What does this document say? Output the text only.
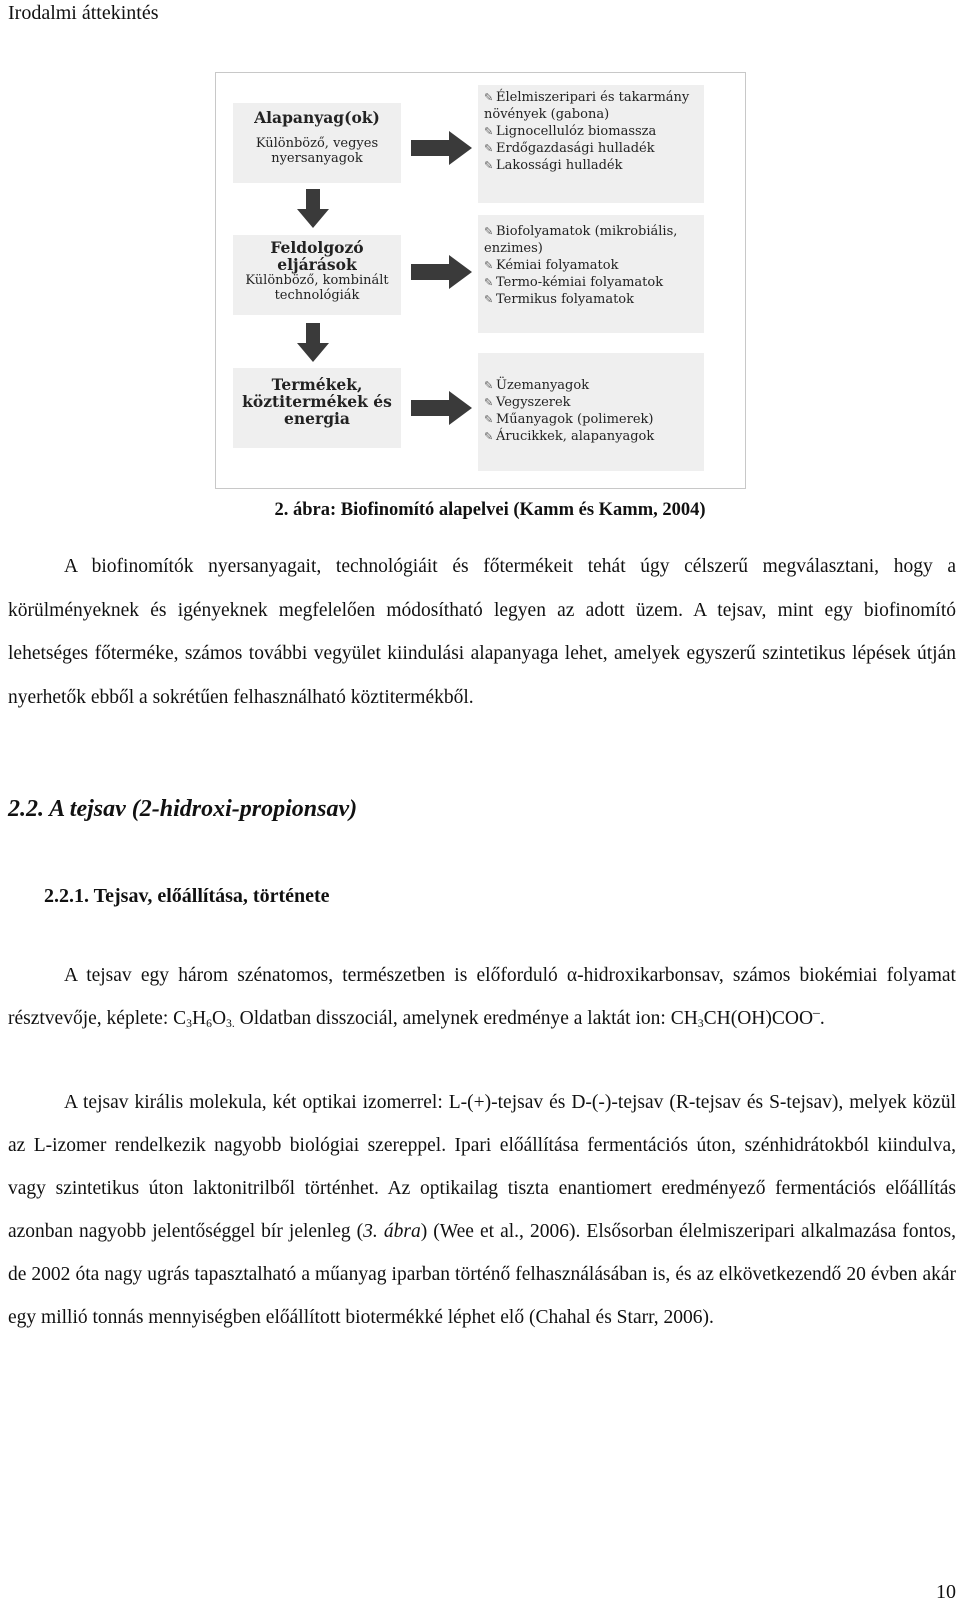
Irodalmi áttekintés
Alapanyag(ok)
Különböző, vegyes nyersanyagok
Feldolgozó eljárások
Különböző, kombinált technológiák
Termékek, köztitermékek és energia
✎ Élelmiszeripari és takarmány
növények (gabona)
✎ Lignocellulóz biomassza
✎ Erdőgazdasági hulladék
✎ Lakossági hulladék
✎ Biofolyamatok (mikrobiális,
enzimes)
✎ Kémiai folyamatok
✎ Termo-kémiai folyamatok
✎ Termikus folyamatok
✎ Üzemanyagok
✎ Vegyszerek
✎ Műanyagok (polimerek)
✎ Árucikkek, alapanyagok
2. ábra: Biofinomító alapelvei (Kamm és Kamm, 2004)

A biofinomítók nyersanyagait, technológiáit és főtermékeit tehát úgy célszerű megválasztani, hogy a körülményeknek és igényeknek megfelelően módosítható legyen az adott üzem. A tejsav, mint egy biofinomító lehetséges főterméke, számos további vegyület kiindulási alapanyaga lehet, amelyek egyszerű szintetikus lépések útján nyerhetők ebből a sokrétűen felhasználható köztitermékből.

2.2. A tejsav (2-hidroxi-propionsav)
2.2.1. Tejsav, előállítása, története

A tejsav egy három szénatomos, természetben is előforduló α-hidroxikarbonsav, számos biokémiai folyamat résztvevője, képlete: $C_3H_6O_{3.}$ Oldatban disszociál, amelynek eredménye a laktát ion: $CH_3CH(OH)COO^-$.

A tejsav királis molekula, két optikai izomerrel: L-(+)-tejsav és D-(-)-tejsav (R-tejsav és S-tejsav), melyek közül az L-izomer rendelkezik nagyobb biológiai szereppel. Ipari előállítása fermentációs úton, szénhidrátokból kiindulva, vagy szintetikus úton laktonitrilből történhet. Az optikailag tiszta enantiomert eredményező fermentációs előállítás azonban nagyobb jelentőséggel bír jelenleg (3. ábra) (Wee et al., 2006). Elsősorban élelmiszeripari alkalmazása fontos, de 2002 óta nagy ugrás tapasztalható a műanyag iparban történő felhasználásában is, és az elkövetkezendő 20 évben akár egy millió tonnás mennyiségben előállított biotermékké léphet elő (Chahal és Starr, 2006).

10
